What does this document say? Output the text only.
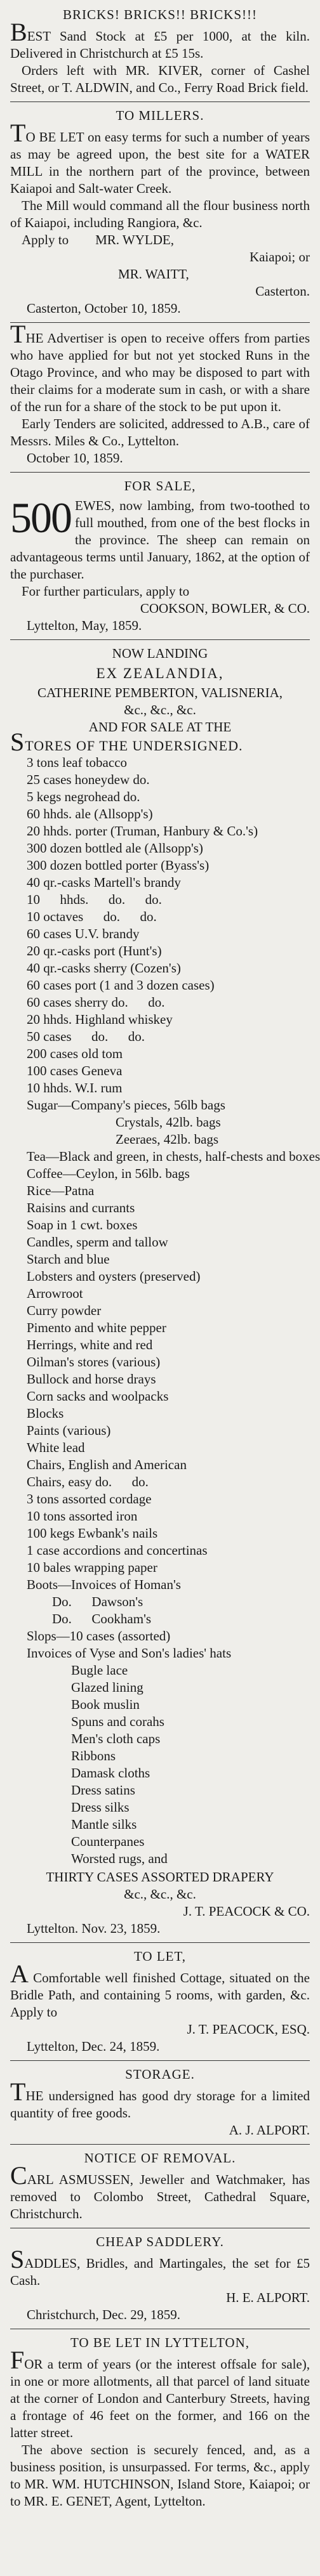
BRICKS! BRICKS!! BRICKS!!!

BEST Sand Stock at £5 per 1000, at the kiln. Delivered in Christchurch at £5 15s.

Orders left with MR. KIVER, corner of Cashel Street, or T. ALDWIN, and Co., Ferry Road Brick field.

TO MILLERS.

TO BE LET on easy terms for such a number of years as may be agreed upon, the best site for a WATER MILL in the northern part of the province, between Kaiapoi and Salt-water Creek.

The Mill would command all the flour business north of Kaiapoi, including Rangiora, &c.

Apply to        MR. WYLDE,

Kaiapoi; or

MR. WAITT,

Casterton.

Casterton, October 10, 1859.

THE Advertiser is open to receive offers from parties who have applied for but not yet stocked Runs in the Otago Province, and who may be disposed to part with their claims for a moderate sum in cash, or with a share of the run for a share of the stock to be put upon it.

Early Tenders are solicited, addressed to A.B., care of Messrs. Miles & Co., Lyttelton.

October 10, 1859.

FOR SALE,
500 EWES, now lambing, from two-toothed to full mouthed, from one of the best flocks in the province. The sheep can remain on advantageous terms until January, 1862, at the option of the purchaser.

For further particulars, apply to

COOKSON, BOWLER, & CO.

Lyttelton, May, 1859.

NOW LANDING
EX ZEALANDIA,
CATHERINE PEMBERTON, VALISNERIA,
&c., &c., &c.
AND FOR SALE AT THE
STORES OF THE UNDERSIGNED.
3 tons leaf tobacco
25 cases honeydew do.
5 kegs negrohead do.
60 hhds. ale (Allsopp's)
20 hhds. porter (Truman, Hanbury & Co.'s)
300 dozen bottled ale (Allsopp's)
300 dozen bottled porter (Byass's)
40 qr.-casks Martell's brandy
10      hhds.      do.      do.
10 octaves      do.      do.
60 cases U.V. brandy
20 qr.-casks port (Hunt's)
40 qr.-casks sherry (Cozen's)
60 cases port (1 and 3 dozen cases)
60 cases sherry do.      do.
20 hhds. Highland whiskey
50 cases      do.      do.
200 cases old tom
100 cases Geneva
10 hhds. W.I. rum
Sugar—Company's pieces, 56lb bags
Crystals, 42lb. bags
Zeeraes, 42lb. bags
Tea—Black and green, in chests, half-chests and boxes
Coffee—Ceylon, in 56lb. bags
Rice—Patna
Raisins and currants
Soap in 1 cwt. boxes
Candles, sperm and tallow
Starch and blue
Lobsters and oysters (preserved)
Arrowroot
Curry powder
Pimento and white pepper
Herrings, white and red
Oilman's stores (various)
Bullock and horse drays
Corn sacks and woolpacks
Blocks
Paints (various)
White lead
Chairs, English and American
Chairs, easy do.      do.
3 tons assorted cordage
10 tons assorted iron
100 kegs Ewbank's nails
1 case accordions and concertinas
10 bales wrapping paper
Boots—Invoices of Homan's
Do.      Dawson's
Do.      Cookham's
Slops—10 cases (assorted)
Invoices of Vyse and Son's ladies' hats
Bugle lace
Glazed lining
Book muslin
Spuns and corahs
Men's cloth caps
Ribbons
Damask cloths
Dress satins
Dress silks
Mantle silks
Counterpanes
Worsted rugs, and
THIRTY CASES ASSORTED DRAPERY
&c., &c., &c.

J. T. PEACOCK & CO.

Lyttelton. Nov. 23, 1859.

TO LET,

A Comfortable well finished Cottage, situated on the Bridle Path, and containing 5 rooms, with garden, &c. Apply to

J. T. PEACOCK, ESQ.

Lyttelton, Dec. 24, 1859.

STORAGE.

THE undersigned has good dry storage for a limited quantity of free goods.

A. J. ALPORT.

NOTICE OF REMOVAL.

CARL ASMUSSEN, Jeweller and Watchmaker, has removed to Colombo Street, Cathedral Square, Christchurch.

CHEAP SADDLERY.

SADDLES, Bridles, and Martingales, the set for £5 Cash.

H. E. ALPORT.

Christchurch, Dec. 29, 1859.

TO BE LET IN LYTTELTON,

FOR a term of years (or the interest offsale for sale), in one or more allotments, all that parcel of land situate at the corner of London and Canterbury Streets, having a frontage of 46 feet on the former, and 166 on the latter street.

The above section is securely fenced, and, as a business position, is unsurpassed. For terms, &c., apply to MR. WM. HUTCHINSON, Island Store, Kaiapoi; or to MR. E. GENET, Agent, Lyttelton.
